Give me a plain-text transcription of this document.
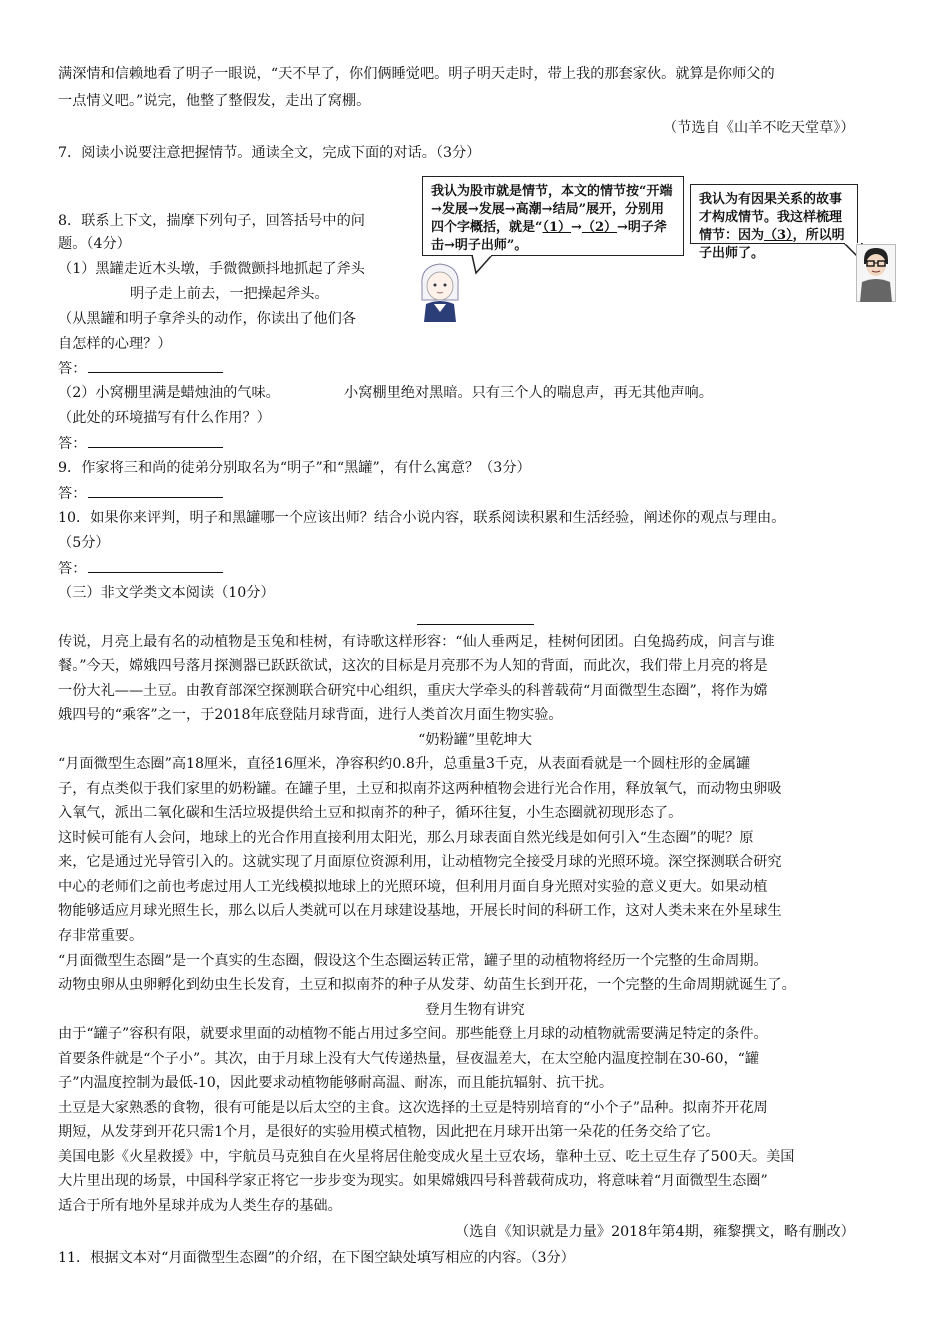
满深情和信赖地看了明子一眼说，“天不早了，你们俩睡觉吧。明子明天走时，带上我的那套家伙。就算是你师父的
一点情义吧。”说完，他整了整假发，走出了窝棚。
（节选自《山羊不吃天堂草》）
7．阅读小说要注意把握情节。通读全文，完成下面的对话。（3分）
我认为股市就是情节，本文的情节按“开端→发展→发展→高潮→结局”展开，分别用四个字概括，就是“（1）→（2）→明子斧击→明子出师”。
我认为有因果关系的故事才构成情节。我这样梳理情节：因为（3），所以明子出师了。
8．联系上下文，揣摩下列句子，回答括号中的问
题。（4分）
（1）黑罐走近木头墩，手微微颤抖地抓起了斧头
明子走上前去，一把操起斧头。
（从黑罐和明子拿斧头的动作，你读出了他们各
自怎样的心理？）
答：
（2）小窝棚里满是蜡烛油的气味。	小窝棚里绝对黑暗。只有三个人的喘息声，再无其他声响。
（此处的环境描写有什么作用？）
答：
9．作家将三和尚的徒弟分别取名为“明子”和“黑罐”，有什么寓意？（3分）
答：
10．如果你来评判，明子和黑罐哪一个应该出师？结合小说内容，联系阅读积累和生活经验，阐述你的观点与理由。
（5分）
答：
（三）非文学类文本阅读（10分）
传说，月亮上最有名的动植物是玉兔和桂树，有诗歌这样形容：“仙人垂两足，桂树何团团。白兔捣药成，问言与谁
餐。”今天，嫦娥四号落月探测器已跃跃欲试，这次的目标是月亮那不为人知的背面，而此次，我们带上月亮的将是
一份大礼——土豆。由教育部深空探测联合研究中心组织，重庆大学牵头的科普载荷“月面微型生态圈”，将作为嫦
娥四号的“乘客”之一，于2018年底登陆月球背面，进行人类首次月面生物实验。
“奶粉罐”里乾坤大
“月面微型生态圈”高18厘米，直径16厘米，净容积约0.8升，总重量3千克，从表面看就是一个圆柱形的金属罐
子，有点类似于我们家里的奶粉罐。在罐子里，土豆和拟南芥这两种植物会进行光合作用，释放氧气，而动物虫卵吸
入氧气，派出二氧化碳和生活垃圾提供给土豆和拟南芥的种子，循环往复，小生态圈就初现形态了。
这时候可能有人会问，地球上的光合作用直接利用太阳光，那么月球表面自然光线是如何引入“生态圈”的呢？原
来，它是通过光导管引入的。这就实现了月面原位资源利用，让动植物完全接受月球的光照环境。深空探测联合研究
中心的老师们之前也考虑过用人工光线模拟地球上的光照环境，但利用月面自身光照对实验的意义更大。如果动植
物能够适应月球光照生长，那么以后人类就可以在月球建设基地，开展长时间的科研工作，这对人类未来在外星球生
存非常重要。
“月面微型生态圈”是一个真实的生态圈，假设这个生态圈运转正常，罐子里的动植物将经历一个完整的生命周期。
动物虫卵从虫卵孵化到幼虫生长发育，土豆和拟南芥的种子从发芽、幼苗生长到开花，一个完整的生命周期就诞生了。
登月生物有讲究
由于“罐子”容积有限，就要求里面的动植物不能占用过多空间。那些能登上月球的动植物就需要满足特定的条件。
首要条件就是“个子小”。其次，由于月球上没有大气传递热量，昼夜温差大，在太空舱内温度控制在30-60，“罐
子”内温度控制为最低-10，因此要求动植物能够耐高温、耐冻，而且能抗辐射、抗干扰。
土豆是大家熟悉的食物，很有可能是以后太空的主食。这次选择的土豆是特别培育的“小个子”品种。拟南芥开花周
期短，从发芽到开花只需1个月，是很好的实验用模式植物，因此把在月球开出第一朵花的任务交给了它。
美国电影《火星救援》中，宇航员马克独自在火星将居住舱变成火星土豆农场，靠种土豆、吃土豆生存了500天。美国
大片里出现的场景，中国科学家正将它一步步变为现实。如果嫦娥四号科普载荷成功，将意味着“月面微型生态圈”
适合于所有地外星球并成为人类生存的基础。
（选自《知识就是力量》2018年第4期，雍黎撰文，略有删改）
11．根据文本对“月面微型生态圈”的介绍，在下图空缺处填写相应的内容。（3分）
